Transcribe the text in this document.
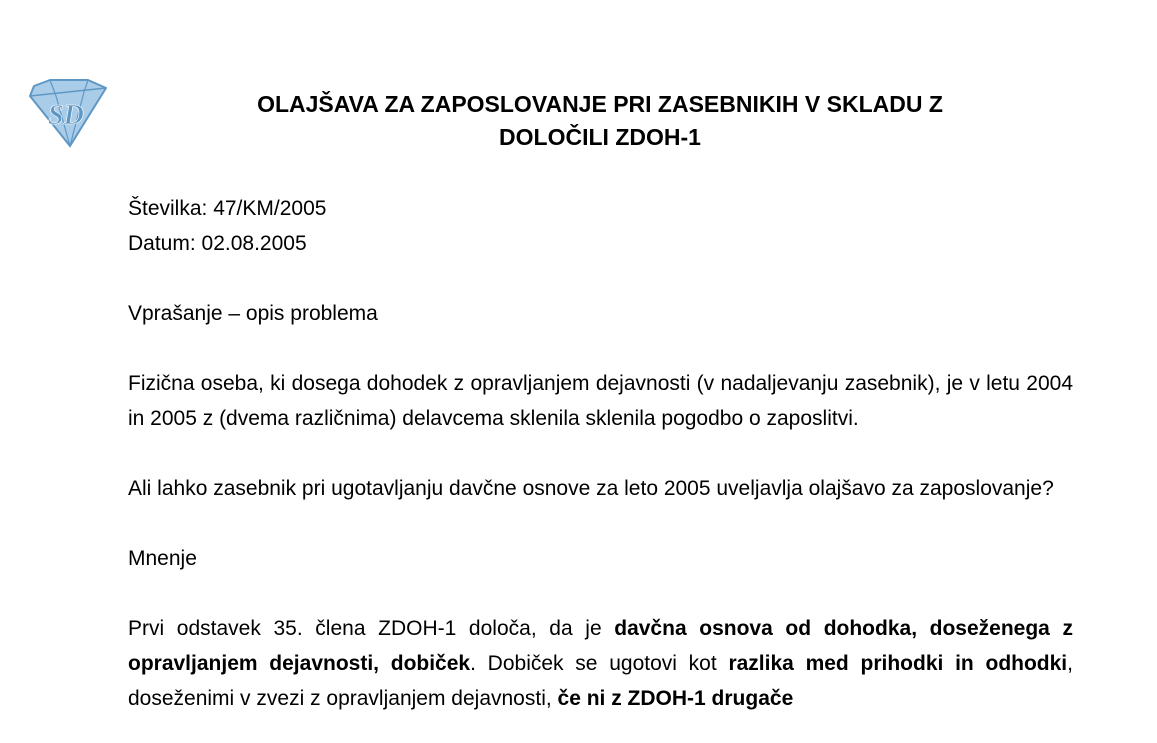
SD	OLAJŠAVA ZA ZAPOSLOVANJE PRI ZASEBNIKIH V SKLADU Z
DOLOČILI ZDOH-1

Številka: 47/KM/2005

Datum: 02.08.2005

Vprašanje – opis problema

Fizična oseba, ki dosega dohodek z opravljanjem dejavnosti (v nadaljevanju zasebnik), je v letu 2004 in 2005 z (dvema različnima) delavcema sklenila sklenila pogodbo o zaposlitvi.

Ali lahko zasebnik pri ugotavljanju davčne osnove za leto 2005 uveljavlja olajšavo za zaposlovanje?

Mnenje

Prvi odstavek 35. člena ZDOH-1 določa, da je davčna osnova od dohodka, doseženega z opravljanjem dejavnosti, dobiček. Dobiček se ugotovi kot razlika med prihodki in odhodki, doseženimi v zvezi z opravljanjem dejavnosti, če ni z ZDOH-1 drugače
